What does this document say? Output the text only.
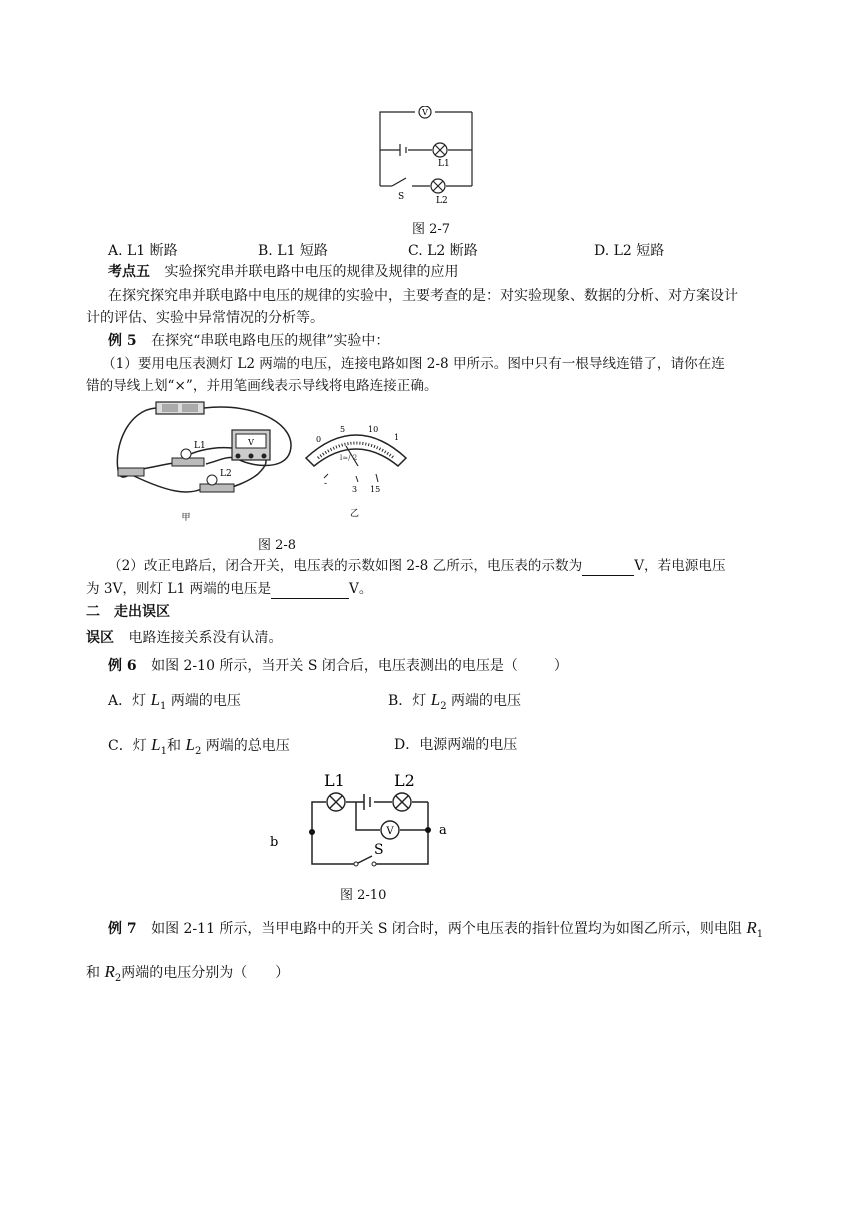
V
L1
L2
S
图 2-7
A. L1 断路	B. L1 短路	C. L2 断路	D. L2 短路
考点五 实验探究串并联电路中电压的规律及规律的应用
在探究探究串并联电路中电压的规律的实验中，主要考查的是：对实验现象、数据的分析、对方案设计
计的评估、实验中异常情况的分析等。
例 5 在探究“串联电路电压的规律”实验中：
（1）要用电压表测灯 L2 两端的电压，连接电路如图 2-8 甲所示。图中只有一根导线连错了，请你在连
错的导线上划“×”，并用笔画线表示导线将电路连接正确。
L1
L2
V
甲
0
5	10
1
l≈/ 2
-
3 15
乙
图 2-8
（2）改正电路后，闭合开关，电压表的示数如图 2-8 乙所示，电压表的示数为	V，若电源电压
为 3V，则灯 L1 两端的电压是	V。
二　走出误区
误区 电路连接关系没有认清。
例 6 如图 2-10 所示，当开关 S 闭合后，电压表测出的电压是（	）
A．灯 $L_1$ 两端的电压	B．灯 $L_2$ 两端的电压
C．灯 $L_1$和 $L_2$ 两端的总电压	D．电源两端的电压
V
L1	L2
S
a
b
图 2-10
例 7 如图 2-11 所示，当甲电路中的开关 S 闭合时，两个电压表的指针位置均为如图乙所示，则电阻 $R_1$
和 $R_2$两端的电压分别为（　　）
